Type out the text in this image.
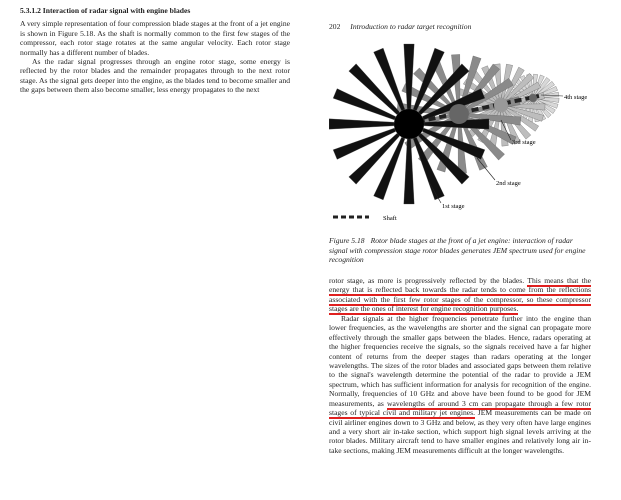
5.3.1.2 Interaction of radar signal with engine blades

A very simple representation of four compression blade stages at the front of a jet engine is shown in Figure 5.18. As the shaft is normally common to the first few stages of the compressor, each rotor stage rotates at the same angular velocity. Each rotor stage normally has a different number of blades.

As the radar signal progresses through an engine rotor stage, some energy is reflected by the rotor blades and the remainder propagates through to the next rotor stage. As the signal gets deeper into the engine, as the blades tend to become smaller and the gaps between them also become smaller, less energy propagates to the next

202 Introduction to radar target recognition
4th stage
3rd stage
2nd stage
1st stage
Shaft
Figure 5.18 Rotor blade stages at the front of a jet engine: interaction of radar signal with compression stage rotor blades generates JEM spectrum used for engine recognition

rotor stage, as more is progressively reflected by the blades. This means that the energy that is reflected back towards the radar tends to come from the reflections associated with the first few rotor stages of the compressor, so these compressor stages are the ones of interest for engine recognition purposes.

Radar signals at the higher frequencies penetrate further into the engine than lower frequencies, as the wavelengths are shorter and the signal can propagate more effectively through the smaller gaps between the blades. Hence, radars operating at the higher frequencies receive the signals, so the signals received have a far higher content of returns from the deeper stages than radars operating at the longer wavelengths. The sizes of the rotor blades and associated gaps between them relative to the signal's wavelength determine the potential of the radar to provide a JEM spectrum, which has sufficient information for analysis for recognition of the engine. Normally, frequencies of 10 GHz and above have been found to be good for JEM measurements, as wavelengths of around 3 cm can propagate through a few rotor stages of typical civil and military jet engines. JEM measurements can be made on civil airliner engines down to 3 GHz and below, as they very often have large engines and a very short air in-take section, which support high signal levels arriving at the rotor blades. Military aircraft tend to have smaller engines and relatively long air in-take sections, making JEM measurements difficult at the longer wavelengths.
